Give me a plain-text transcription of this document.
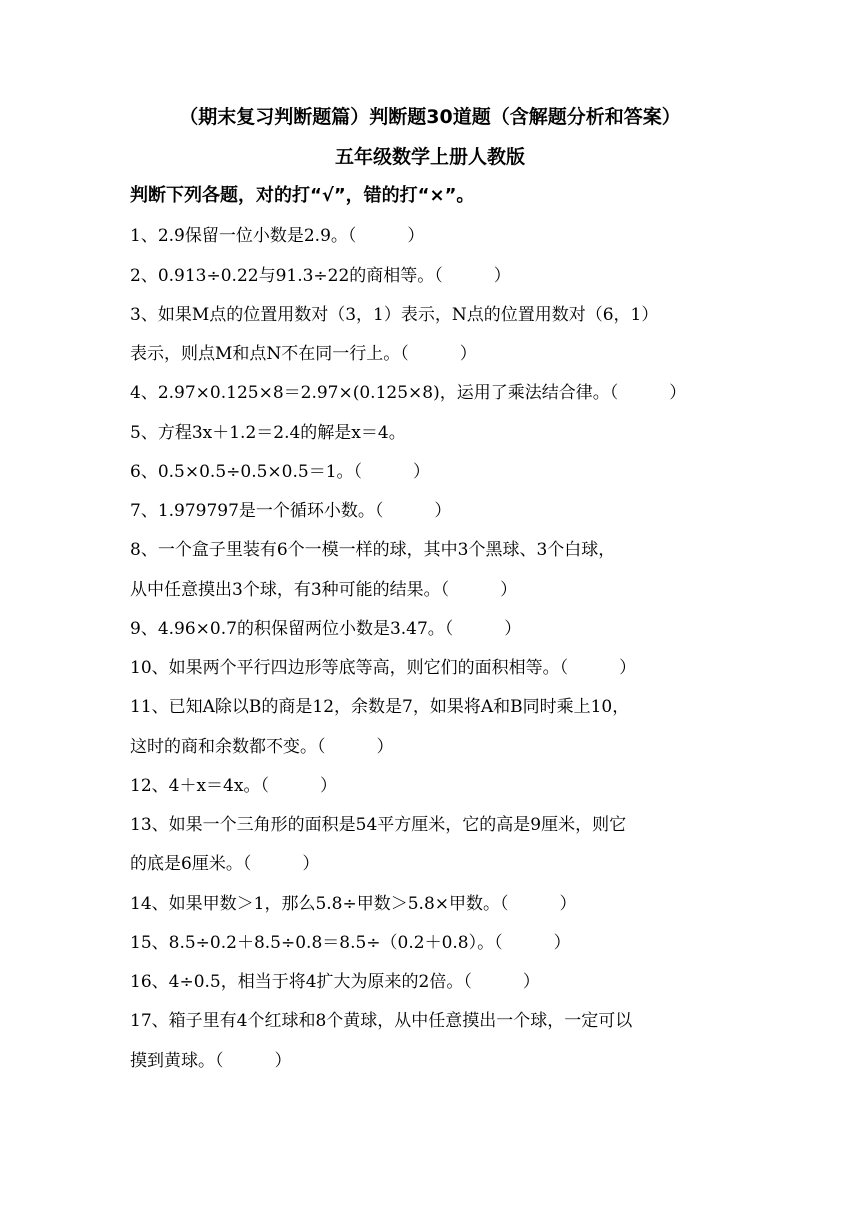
（期末复习判断题篇）判断题30道题（含解题分析和答案）
五年级数学上册人教版
判断下列各题，对的打“√”，错的打“×”。
1、2.9̇保留一位小数是2.9。（　　　）
2、0.913÷0.22与91.3÷22的商相等。（　　　）
3、如果M点的位置用数对（3，1）表示，N点的位置用数对（6，1）
表示，则点M和点N不在同一行上。（　　　）
4、2.97×0.125×8＝2.97×(0.125×8)，运用了乘法结合律。（　　　）
5、方程3x＋1.2＝2.4的解是x＝4。
6、0.5×0.5÷0.5×0.5＝1。（　　　）
7、1.979797是一个循环小数。（　　　）
8、一个盒子里装有6个一模一样的球，其中3个黑球、3个白球，
从中任意摸出3个球，有3种可能的结果。（　　　）
9、4.96×0.7的积保留两位小数是3.47。（　　　）
10、如果两个平行四边形等底等高，则它们的面积相等。（　　　）
11、已知A除以B的商是12，余数是7，如果将A和B同时乘上10，
这时的商和余数都不变。（　　　）
12、4＋x＝4x。（　　　）
13、如果一个三角形的面积是54平方厘米，它的高是9厘米，则它
的底是6厘米。（　　　）
14、如果甲数＞1，那么5.8÷甲数＞5.8×甲数。（　　　）
15、8.5÷0.2＋8.5÷0.8＝8.5÷（0.2＋0.8）。（　　　）
16、4÷0.5，相当于将4扩大为原来的2倍。（　　　）
17、箱子里有4个红球和8个黄球，从中任意摸出一个球，一定可以
摸到黄球。（　　　）
